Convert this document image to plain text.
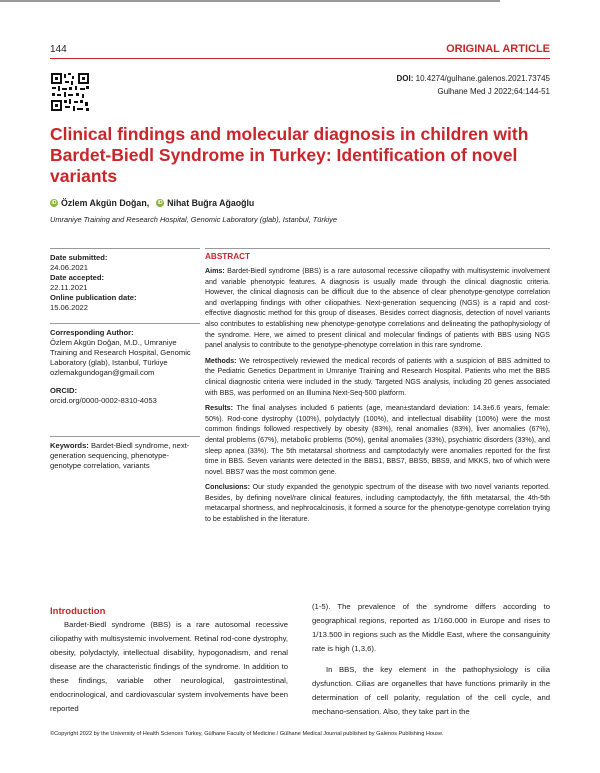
144	ORIGINAL ARTICLE
DOI: 10.4274/gulhane.galenos.2021.73745
Gulhane Med J 2022;64:144-51
Clinical findings and molecular diagnosis in children with Bardet-Biedl Syndrome in Turkey: Identification of novel variants
iD Özlem Akgün Doğan,	iD Nihat Buğra Ağaoğlu
Umraniye Training and Research Hospital, Genomic Laboratory (glab), Istanbul, Türkiye
Date submitted:
24.06.2021
Date accepted:
22.11.2021
Online publication date:
15.06.2022
Corresponding Author:
Özlem Akgün Doğan, M.D., Umraniye Training and Research Hospital, Genomic Laboratory (glab), Istanbul, Türkiye
ozlemakgundogan@gmail.com
ORCID:
orcid.org/0000-0002-8310-4053
Keywords: Bardet-Biedl syndrome, next-generation sequencing, phenotype-genotype correlation, variants
ABSTRACT

Aims: Bardet-Biedl syndrome (BBS) is a rare autosomal recessive ciliopathy with multisystemic involvement and variable phenotypic features. A diagnosis is usually made through the clinical diagnostic criteria. However, the clinical diagnosis can be difficult due to the absence of clear phenotype-genotype correlation and overlapping findings with other ciliopathies. Next-generation sequencing (NGS) is a rapid and cost-effective diagnostic method for this group of diseases. Besides correct diagnosis, detection of novel variants also contributes to establishing new phenotype-genotype correlations and delineating the pathophysiology of the syndrome. Here, we aimed to present clinical and molecular findings of patients with BBS using NGS panel analysis to contribute to the genotype-phenotype correlation in this rare syndrome.

Methods: We retrospectively reviewed the medical records of patients with a suspicion of BBS admitted to the Pediatric Genetics Department in Umraniye Training and Research Hospital. Patients who met the BBS clinical diagnostic criteria were included in the study. Targeted NGS analysis, including 20 genes associated with BBS, was performed on an Illumina Next-Seq-500 platform.

Results: The final analyses included 6 patients (age, mean±standard deviation: 14.3±6.6 years, female: 50%). Rod-cone dystrophy (100%), polydactyly (100%), and intellectual disability (100%) were the most common findings followed respectively by obesity (83%), renal anomalies (83%), liver anomalies (67%), dental problems (67%), metabolic problems (50%), genital anomalies (33%), psychiatric disorders (33%), and sleep apnea (33%). The 5th metatarsal shortness and camptodactyly were anomalies reported for the first time in BBS. Seven variants were detected in the BBS1, BBS7, BBS5, BBS9, and MKKS, two of which were novel. BBS7 was the most common gene.

Conclusions: Our study expanded the genotypic spectrum of the disease with two novel variants reported. Besides, by defining novel/rare clinical features, including camptodactyly, the fifth metatarsal, the 4th-5th metacarpal shortness, and nephrocalcinosis, it formed a source for the phenotype-genotype correlation trying to be established in the literature.

Introduction

Bardet-Biedl syndrome (BBS) is a rare autosomal recessive ciliopathy with multisystemic involvement. Retinal rod-cone dystrophy, obesity, polydactyly, intellectual disability, hypogonadism, and renal disease are the characteristic findings of the syndrome. In addition to these findings, variable other neurological, gastrointestinal, endocrinological, and cardiovascular system involvements have been reported

(1-5). The prevalence of the syndrome differs according to geographical regions, reported as 1/160.000 in Europe and rises to 1/13.500 in regions such as the Middle East, where the consanguinity rate is high (1,3,6).

In BBS, the key element in the pathophysiology is cilia dysfunction. Cilias are organelles that have functions primarily in the determination of cell polarity, regulation of the cell cycle, and mechano-sensation. Also, they take part in the

©Copyright 2022 by the University of Health Sciences Turkey, Gülhane Faculty of Medicine / Gülhane Medical Journal published by Galenos Publishing House.
